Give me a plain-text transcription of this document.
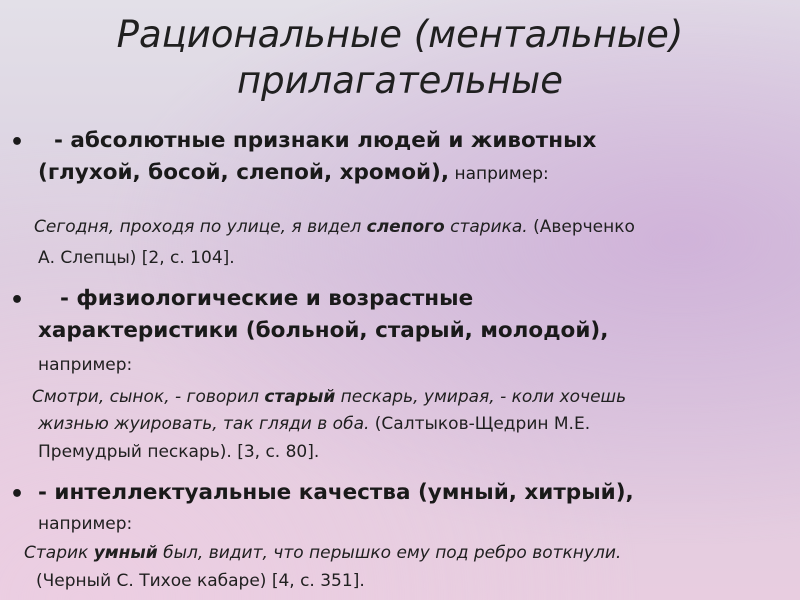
Рациональные (ментальные)
прилагательные
•	- абсолютные признаки людей и животных
(глухой, босой, слепой, хромой), например:
Сегодня, проходя по улице, я видел слепого старика. (Аверченко
А. Слепцы) [2, с. 104].
•	- физиологические и возрастные
характеристики (больной, старый, молодой),
например:
Смотри, сынок, - говорил старый пескарь, умирая, - коли хочешь
жизнью жуировать, так гляди в оба. (Салтыков-Щедрин М.Е.
Премудрый пескарь). [3, с. 80].
• - интеллектуальные качества (умный, хитрый),
например:
Старик умный был, видит, что перышко ему под ребро воткнули.
(Черный С. Тихое кабаре) [4, с. 351].
